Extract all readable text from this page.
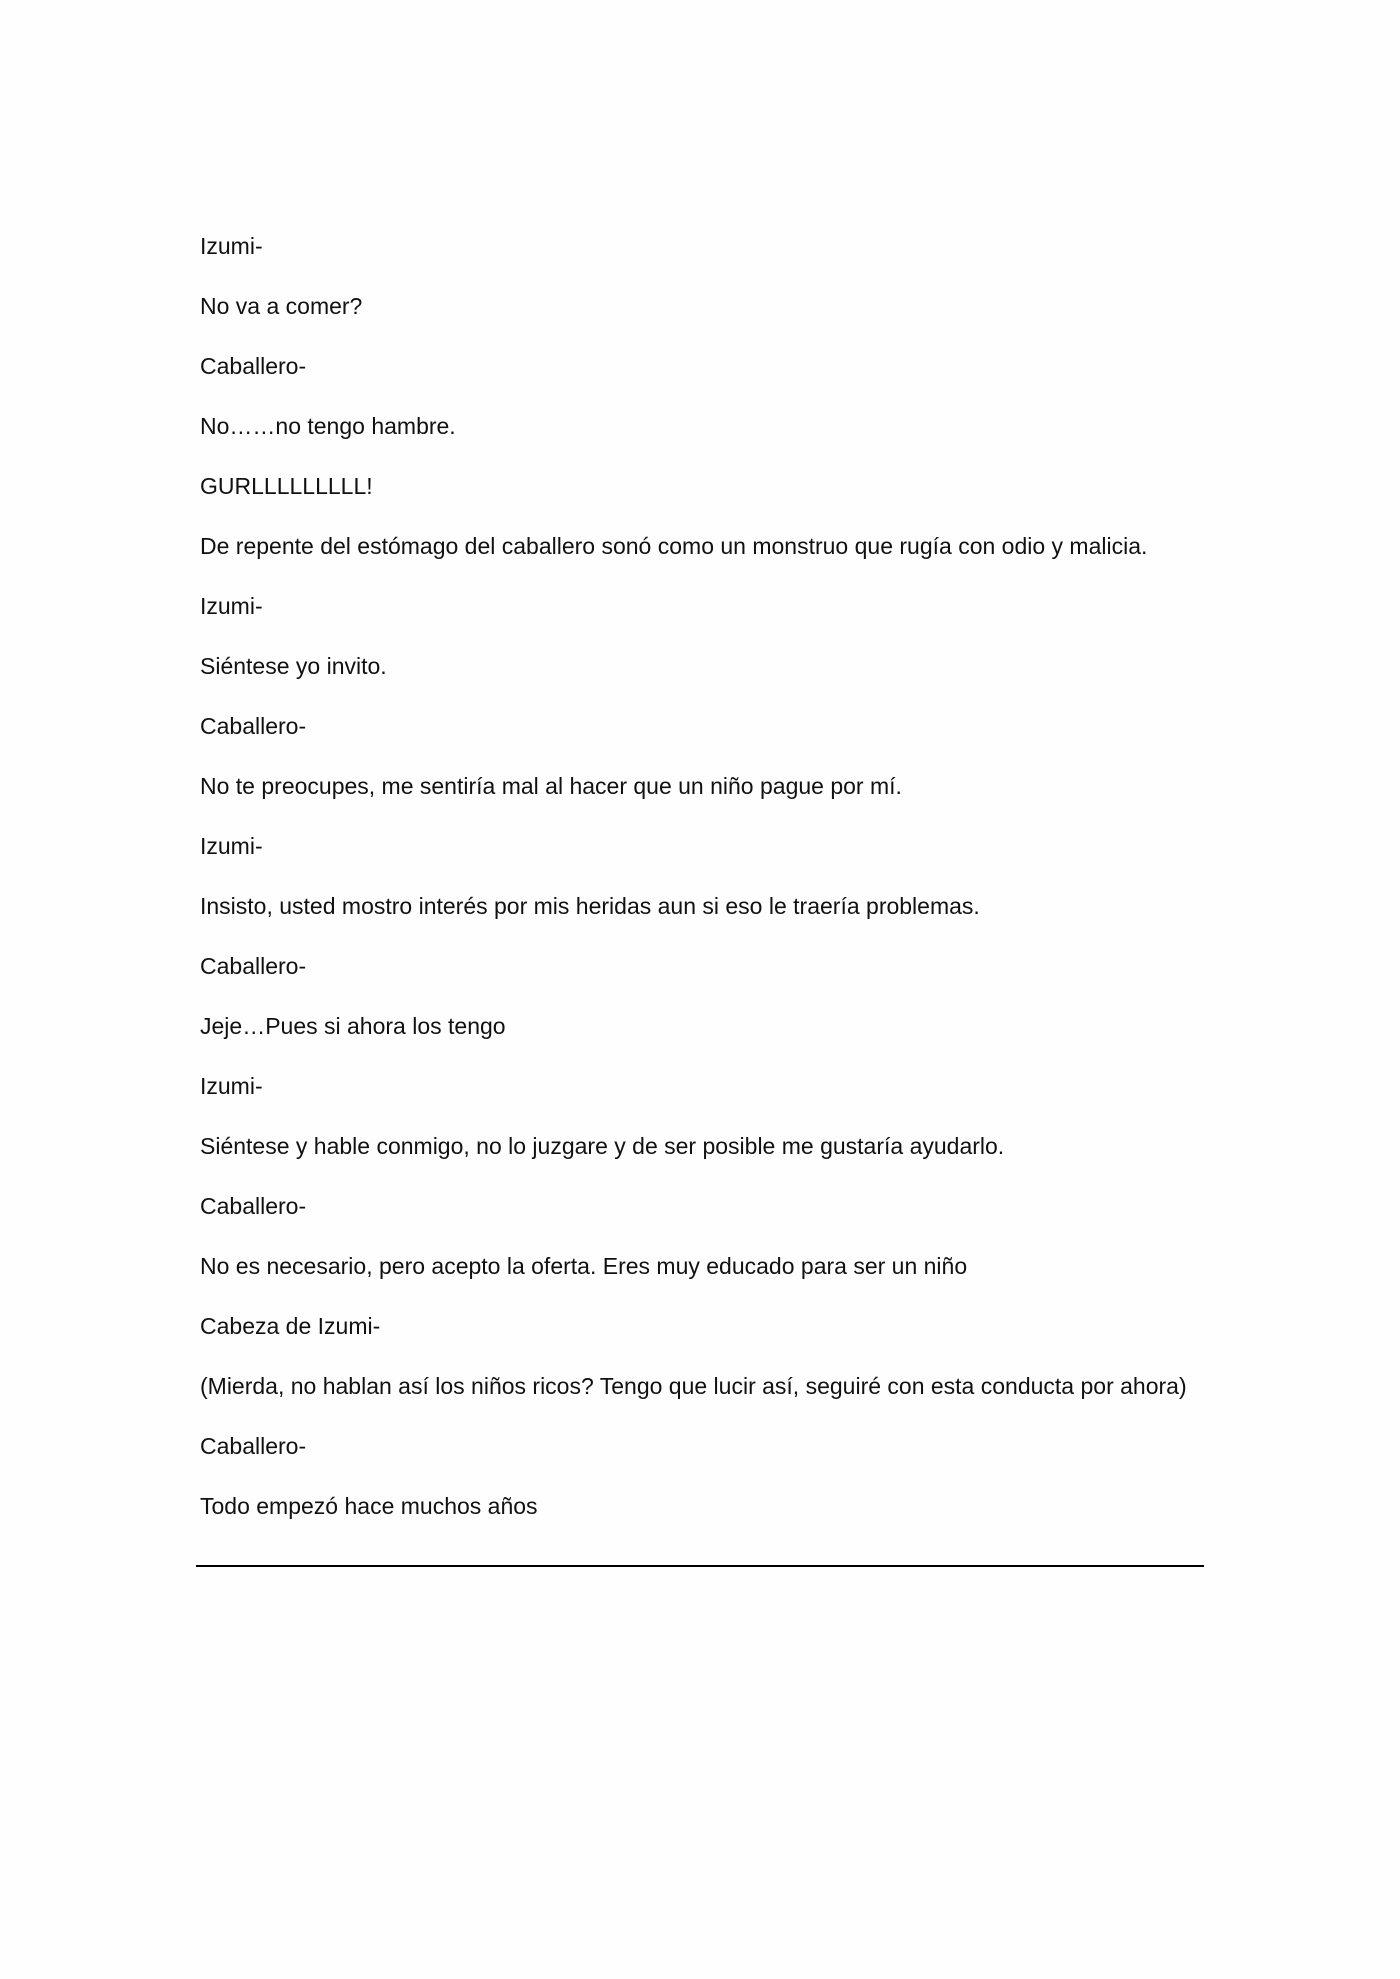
Izumi-

No va a comer?

Caballero-

No……no tengo hambre.

GURLLLLLLLLL!

De repente del estómago del caballero sonó como un monstruo que rugía con odio y malicia.

Izumi-

Siéntese yo invito.

Caballero-

No te preocupes, me sentiría mal al hacer que un niño pague por mí.

Izumi-

Insisto, usted mostro interés por mis heridas aun si eso le traería problemas.

Caballero-

Jeje…Pues si ahora los tengo

Izumi-

Siéntese y hable conmigo, no lo juzgare y de ser posible me gustaría ayudarlo.

Caballero-

No es necesario, pero acepto la oferta. Eres muy educado para ser un niño

Cabeza de Izumi-

(Mierda, no hablan así los niños ricos? Tengo que lucir así, seguiré con esta conducta por ahora)

Caballero-

Todo empezó hace muchos años
